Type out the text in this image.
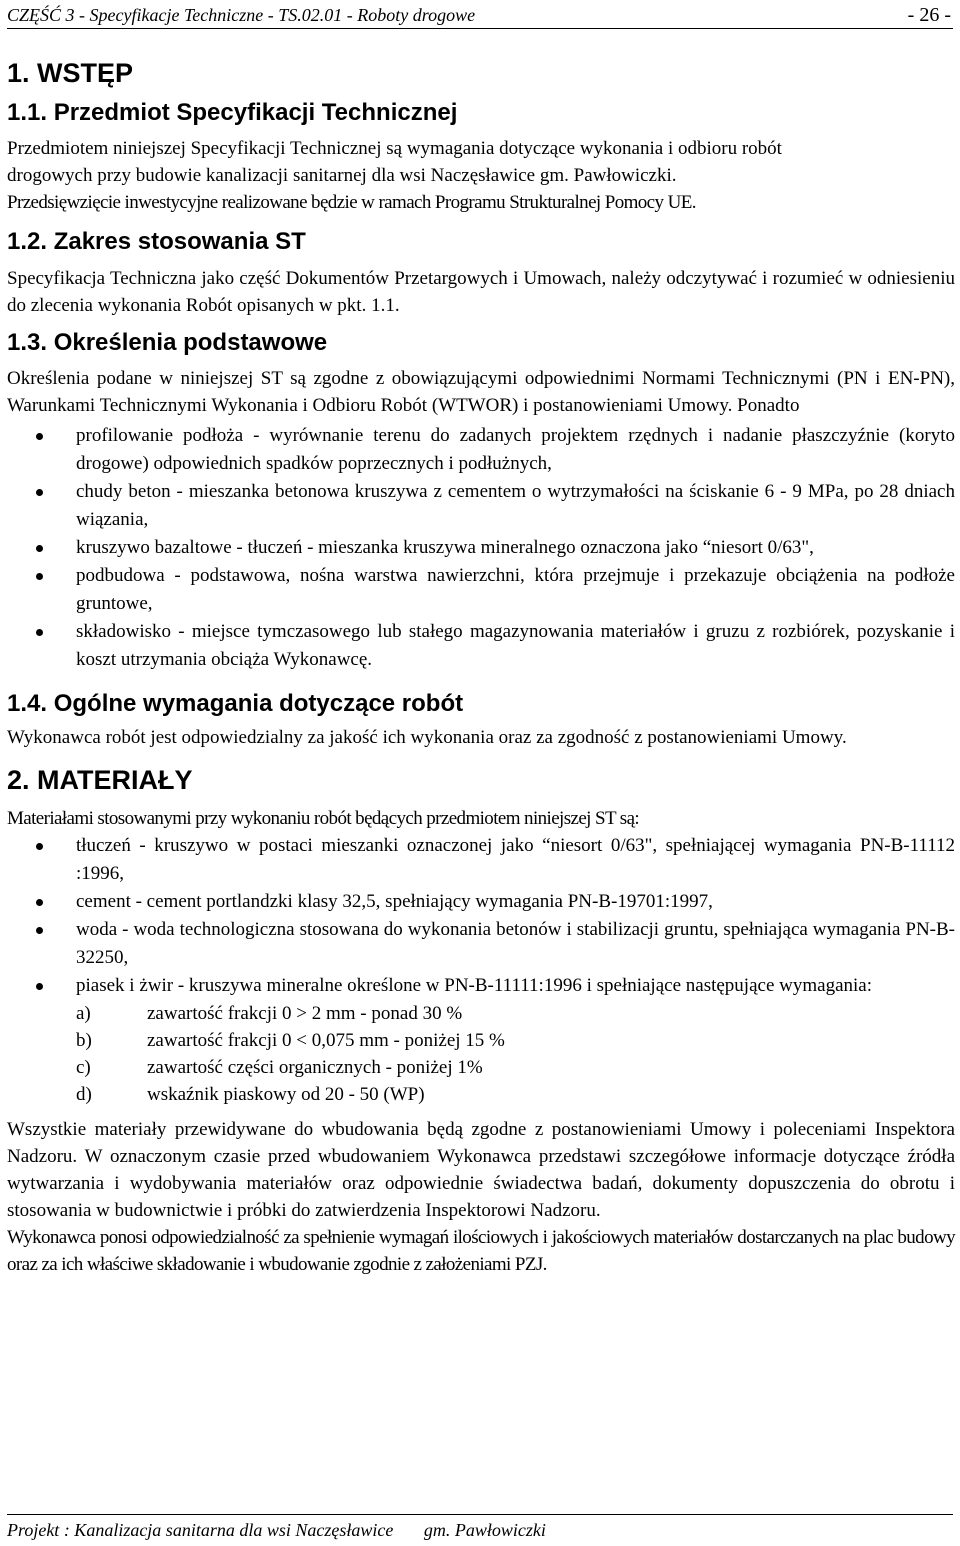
CZĘŚĆ 3 - Specyfikacje Techniczne - TS.02.01 - Roboty drogowe	- 26 -
1. WSTĘP
1.1. Przedmiot Specyfikacji Technicznej
Przedmiotem niniejszej Specyfikacji Technicznej są wymagania dotyczące wykonania i odbioru robót
drogowych przy budowie kanalizacji sanitarnej dla wsi Naczęsławice gm. Pawłowiczki.
Przedsięwzięcie inwestycyjne realizowane będzie w ramach Programu Strukturalnej Pomocy UE.
1.2. Zakres stosowania ST
Specyfikacja Techniczna jako część Dokumentów Przetargowych i Umowach, należy odczytywać i rozumieć w odniesieniu do zlecenia wykonania Robót opisanych w pkt. 1.1.
1.3. Określenia podstawowe
Określenia podane w niniejszej ST są zgodne z obowiązującymi odpowiednimi Normami Technicznymi (PN i EN-PN), Warunkami Technicznymi Wykonania i Odbioru Robót (WTWOR) i postanowieniami Umowy. Ponadto
profilowanie podłoża - wyrównanie terenu do zadanych projektem rzędnych i nadanie płaszczyźnie (koryto drogowe) odpowiednich spadków poprzecznych i podłużnych,
chudy beton - mieszanka betonowa kruszywa z cementem o wytrzymałości na ściskanie 6 - 9 MPa, po 28 dniach wiązania,
kruszywo bazaltowe - tłuczeń - mieszanka kruszywa mineralnego oznaczona jako “niesort 0/63",
podbudowa - podstawowa, nośna warstwa nawierzchni, która przejmuje i przekazuje obciążenia na podłoże gruntowe,
składowisko - miejsce tymczasowego lub stałego magazynowania materiałów i gruzu z rozbiórek, pozyskanie i koszt utrzymania obciąża Wykonawcę.
1.4. Ogólne wymagania dotyczące robót
Wykonawca robót jest odpowiedzialny za jakość ich wykonania oraz za zgodność z postanowieniami Umowy.
2. MATERIAŁY
Materiałami stosowanymi przy wykonaniu robót będących przedmiotem niniejszej ST są:
tłuczeń - kruszywo w postaci mieszanki oznaczonej jako “niesort 0/63", spełniającej wymagania PN-B-11112 :1996,
cement - cement portlandzki klasy 32,5, spełniający wymagania PN-B-19701:1997,
woda - woda technologiczna stosowana do wykonania betonów i stabilizacji gruntu, spełniająca wymagania PN-B-32250,
piasek i żwir - kruszywa mineralne określone w PN-B-11111:1996 i spełniające następujące wymagania:
a)	zawartość frakcji 0 > 2 mm - ponad 30 %
b)	zawartość frakcji 0 < 0,075 mm - poniżej 15 %
c)	zawartość części organicznych - poniżej 1%
d)	wskaźnik piaskowy od 20 - 50 (WP)
Wszystkie materiały przewidywane do wbudowania będą zgodne z postanowieniami Umowy i poleceniami Inspektora Nadzoru. W oznaczonym czasie przed wbudowaniem Wykonawca przedstawi szczegółowe informacje dotyczące źródła wytwarzania i wydobywania materiałów oraz odpowiednie świadectwa badań, dokumenty dopuszczenia do obrotu i stosowania w budownictwie i próbki do zatwierdzenia Inspektorowi Nadzoru.
Wykonawca ponosi odpowiedzialność za spełnienie wymagań ilościowych i jakościowych materiałów dostarczanych na plac budowy oraz za ich właściwe składowanie i wbudowanie zgodnie z założeniami PZJ.
Projekt : Kanalizacja sanitarna dla wsi Naczęsławice gm. Pawłowiczki
